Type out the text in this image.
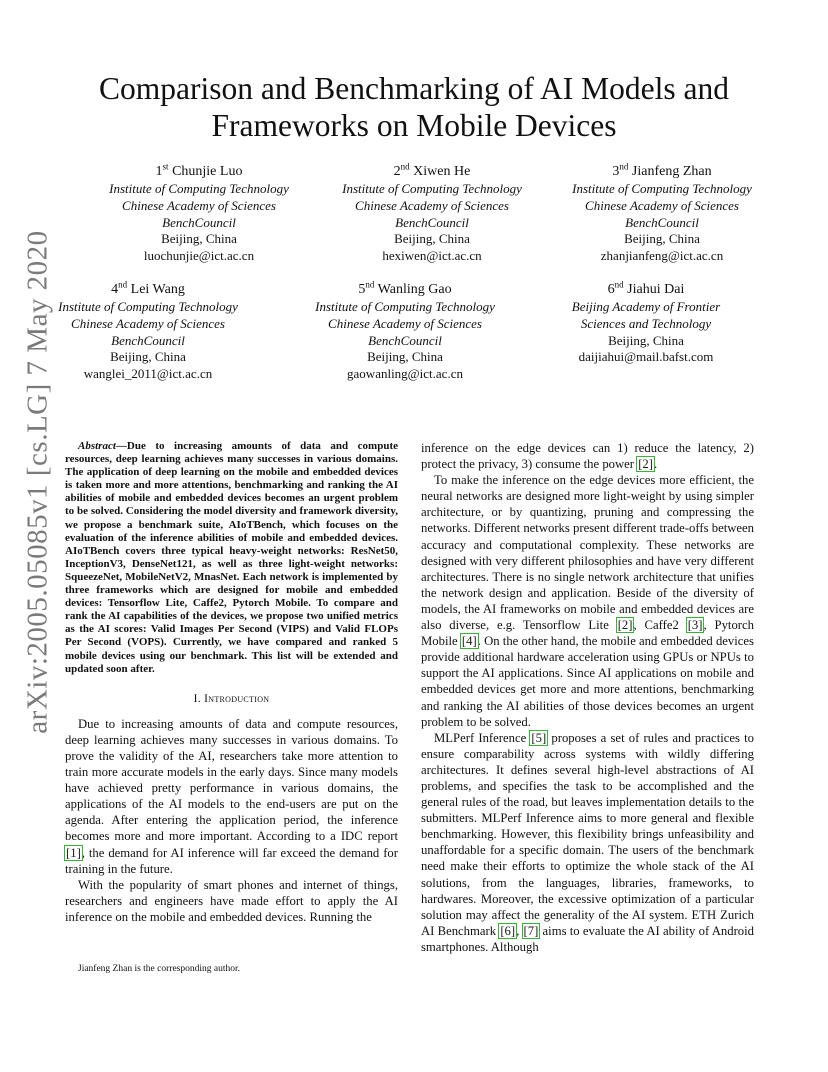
arXiv:2005.05085v1 [cs.LG] 7 May 2020
Comparison and Benchmarking of AI Models and
Frameworks on Mobile Devices
1st Chunjie Luo
Institute of Computing Technology
Chinese Academy of Sciences
BenchCouncil
Beijing, China
luochunjie@ict.ac.cn
2nd Xiwen He
Institute of Computing Technology
Chinese Academy of Sciences
BenchCouncil
Beijing, China
hexiwen@ict.ac.cn
3nd Jianfeng Zhan
Institute of Computing Technology
Chinese Academy of Sciences
BenchCouncil
Beijing, China
zhanjianfeng@ict.ac.cn
4nd Lei Wang
Institute of Computing Technology
Chinese Academy of Sciences
BenchCouncil
Beijing, China
wanglei_2011@ict.ac.cn
5nd Wanling Gao
Institute of Computing Technology
Chinese Academy of Sciences
BenchCouncil
Beijing, China
gaowanling@ict.ac.cn
6nd Jiahui Dai
Beijing Academy of Frontier
Sciences and Technology
Beijing, China
daijiahui@mail.bafst.com

Abstract—Due to increasing amounts of data and compute resources, deep learning achieves many successes in various domains. The application of deep learning on the mobile and embedded devices is taken more and more attentions, benchmarking and ranking the AI abilities of mobile and embedded devices becomes an urgent problem to be solved. Considering the model diversity and framework diversity, we propose a benchmark suite, AIoTBench, which focuses on the evaluation of the inference abilities of mobile and embedded devices. AIoTBench covers three typical heavy-weight networks: ResNet50, InceptionV3, DenseNet121, as well as three light-weight networks: SqueezeNet, MobileNetV2, MnasNet. Each network is implemented by three frameworks which are designed for mobile and embedded devices: Tensorflow Lite, Caffe2, Pytorch Mobile. To compare and rank the AI capabilities of the devices, we propose two unified metrics as the AI scores: Valid Images Per Second (VIPS) and Valid FLOPs Per Second (VOPS). Currently, we have compared and ranked 5 mobile devices using our benchmark. This list will be extended and updated soon after.

I. Introduction

Due to increasing amounts of data and compute resources, deep learning achieves many successes in various domains. To prove the validity of the AI, researchers take more attention to train more accurate models in the early days. Since many models have achieved pretty performance in various domains, the applications of the AI models to the end-users are put on the agenda. After entering the application period, the inference becomes more and more important. According to a IDC report [1], the demand for AI inference will far exceed the demand for training in the future.

With the popularity of smart phones and internet of things, researchers and engineers have made effort to apply the AI inference on the mobile and embedded devices. Running the

Jianfeng Zhan is the corresponding author.

inference on the edge devices can 1) reduce the latency, 2) protect the privacy, 3) consume the power [2].

To make the inference on the edge devices more efficient, the neural networks are designed more light-weight by using simpler architecture, or by quantizing, pruning and compressing the networks. Different networks present different trade-offs between accuracy and computational complexity. These networks are designed with very different philosophies and have very different architectures. There is no single network architecture that unifies the network design and application. Beside of the diversity of models, the AI frameworks on mobile and embedded devices are also diverse, e.g. Tensorflow Lite [2], Caffe2 [3], Pytorch Mobile [4]. On the other hand, the mobile and embedded devices provide additional hardware acceleration using GPUs or NPUs to support the AI applications. Since AI applications on mobile and embedded devices get more and more attentions, benchmarking and ranking the AI abilities of those devices becomes an urgent problem to be solved.

MLPerf Inference [5] proposes a set of rules and practices to ensure comparability across systems with wildly differing architectures. It defines several high-level abstractions of AI problems, and specifies the task to be accomplished and the general rules of the road, but leaves implementation details to the submitters. MLPerf Inference aims to more general and flexible benchmarking. However, this flexibility brings unfeasibility and unaffordable for a specific domain. The users of the benchmark need make their efforts to optimize the whole stack of the AI solutions, from the languages, libraries, frameworks, to hardwares. Moreover, the excessive optimization of a particular solution may affect the generality of the AI system. ETH Zurich AI Benchmark [6], [7] aims to evaluate the AI ability of Android smartphones. Although
